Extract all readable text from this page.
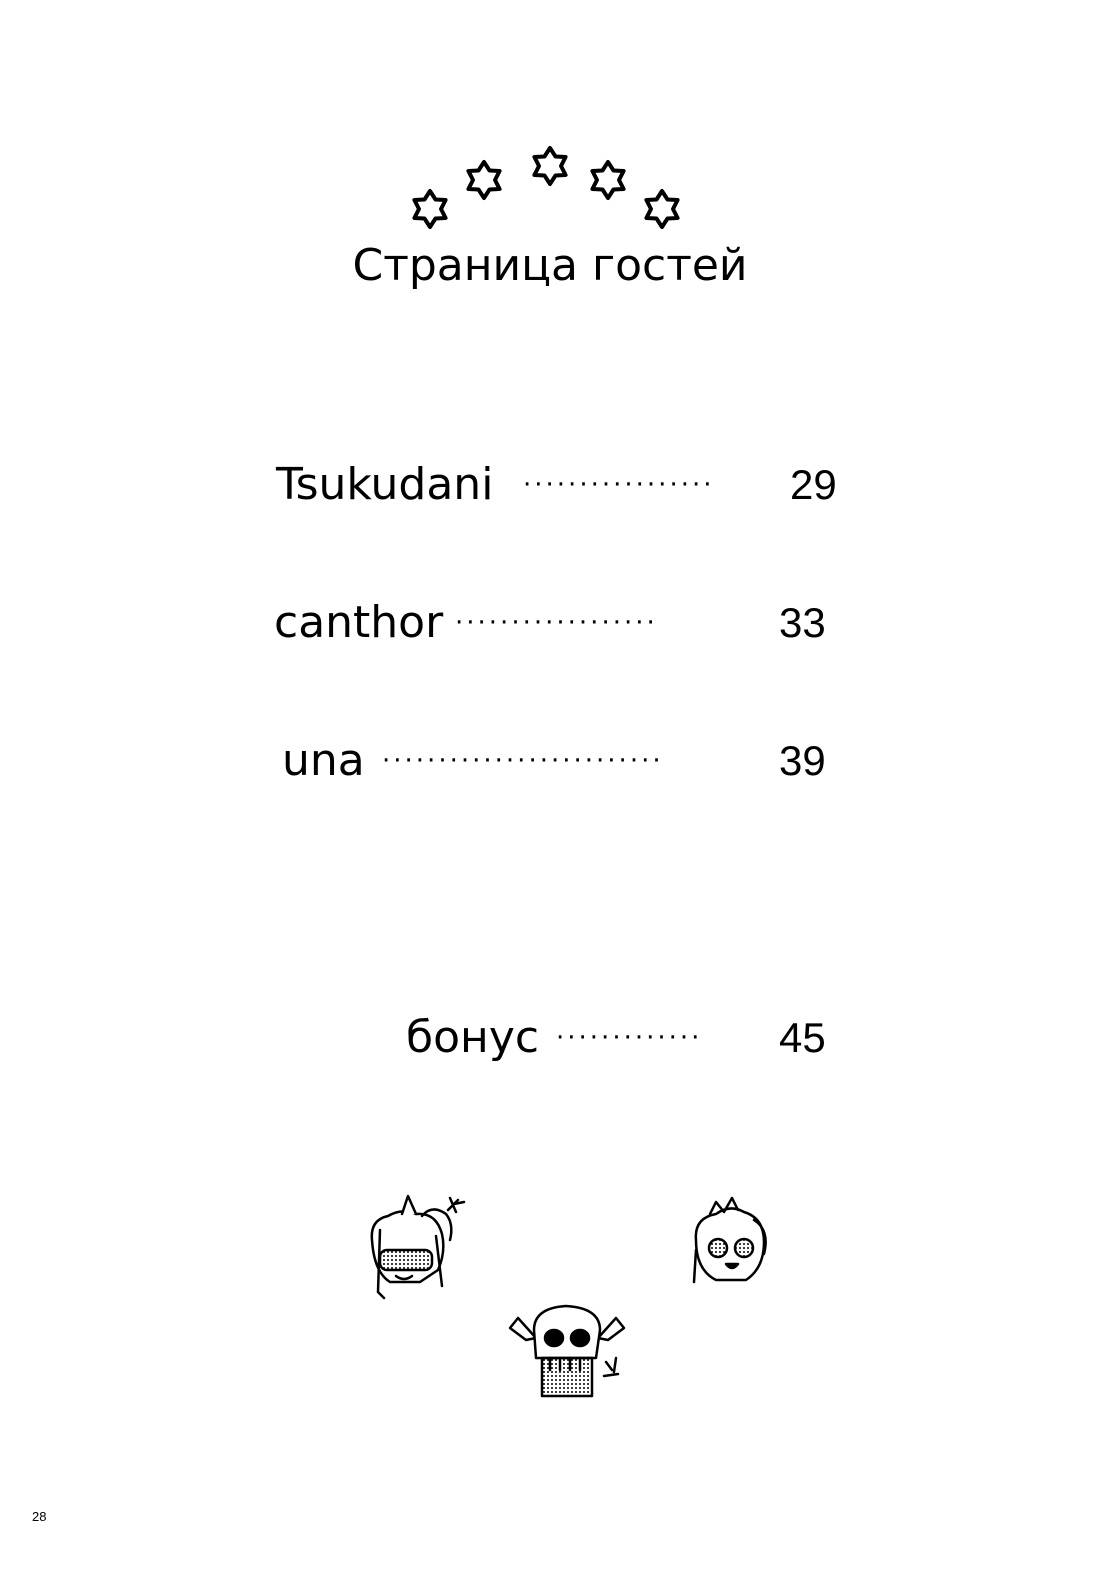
Страница гостей
Tsukudani ················· 29
canthor ··················	33
una ·························	39
бонус ············· 45
28
